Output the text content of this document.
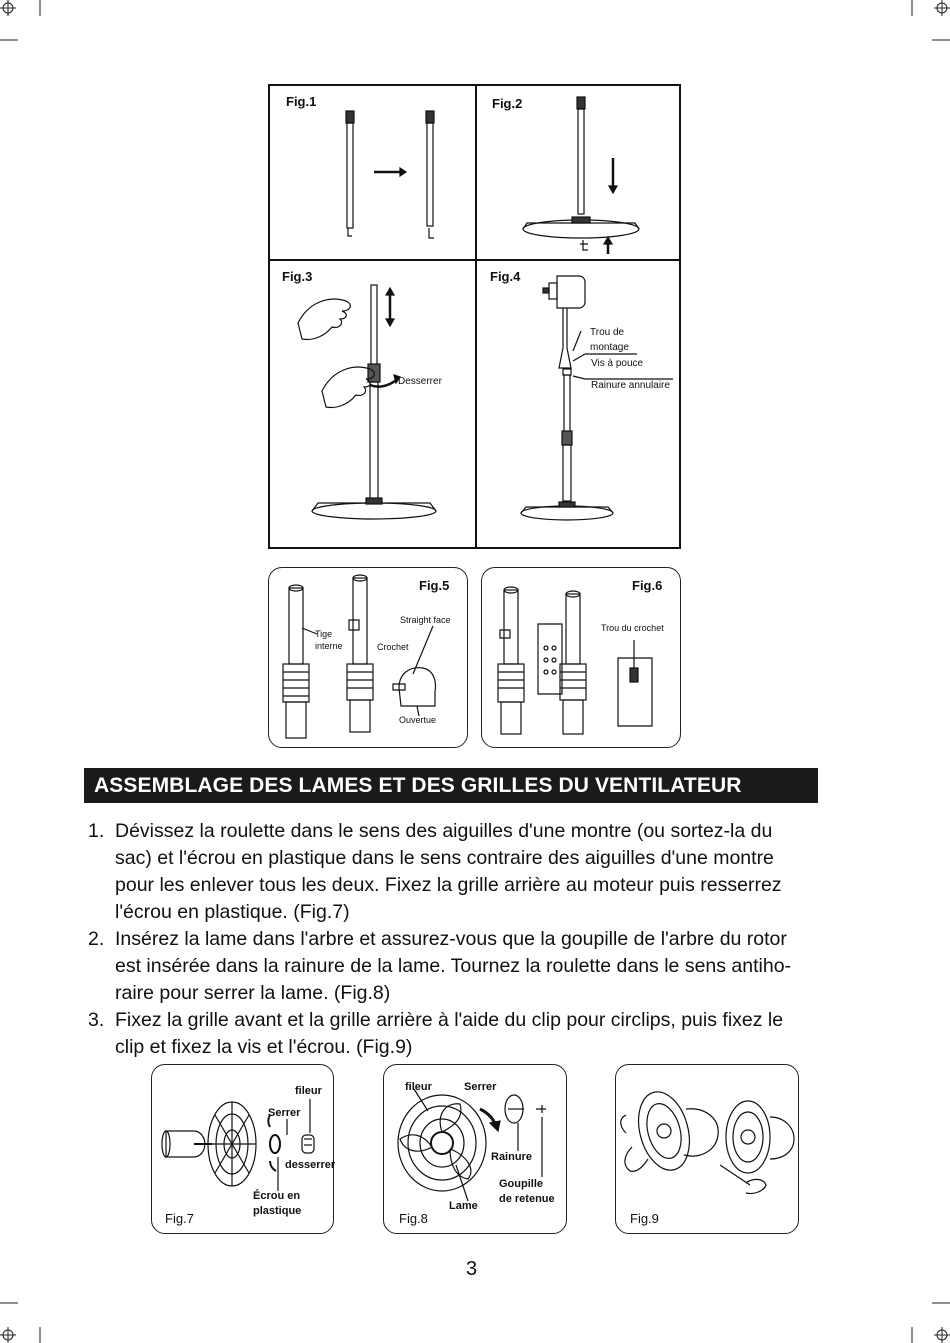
Fig.1	Fig.2
Fig.3	Fig.4
Desserrer
Trou de
montage
Vis à pouce
Rainure annulaire
Fig.5
Tige
interne	Crochet
Straight face
Ouvertue
Fig.6
Trou du crochet
ASSEMBLAGE DES LAMES ET DES GRILLES DU VENTILATEUR
1. Dévissez la roulette dans le sens des aiguilles d'une montre (ou sortez-la du
sac) et l'écrou en plastique dans le sens contraire des aiguilles d'une montre
pour les enlever tous les deux. Fixez la grille arrière au moteur puis resserrez
l'écrou en plastique. (Fig.7)
2. Insérez la lame dans l'arbre et assurez-vous que la goupille de l'arbre du rotor
est insérée dans la rainure de la lame. Tournez la roulette dans le sens antiho-
raire pour serrer la lame. (Fig.8)
3. Fixez la grille avant et la grille arrière à l'aide du clip pour circlips, puis fixez le
clip et fixez la vis et l'écrou. (Fig.9)
fileur
Serrer
desserrer
Écrou en
plastique
Fig.7
fileur	Serrer
Rainure
Goupille
de retenue
Lame
Fig.8	Fig.9
3
